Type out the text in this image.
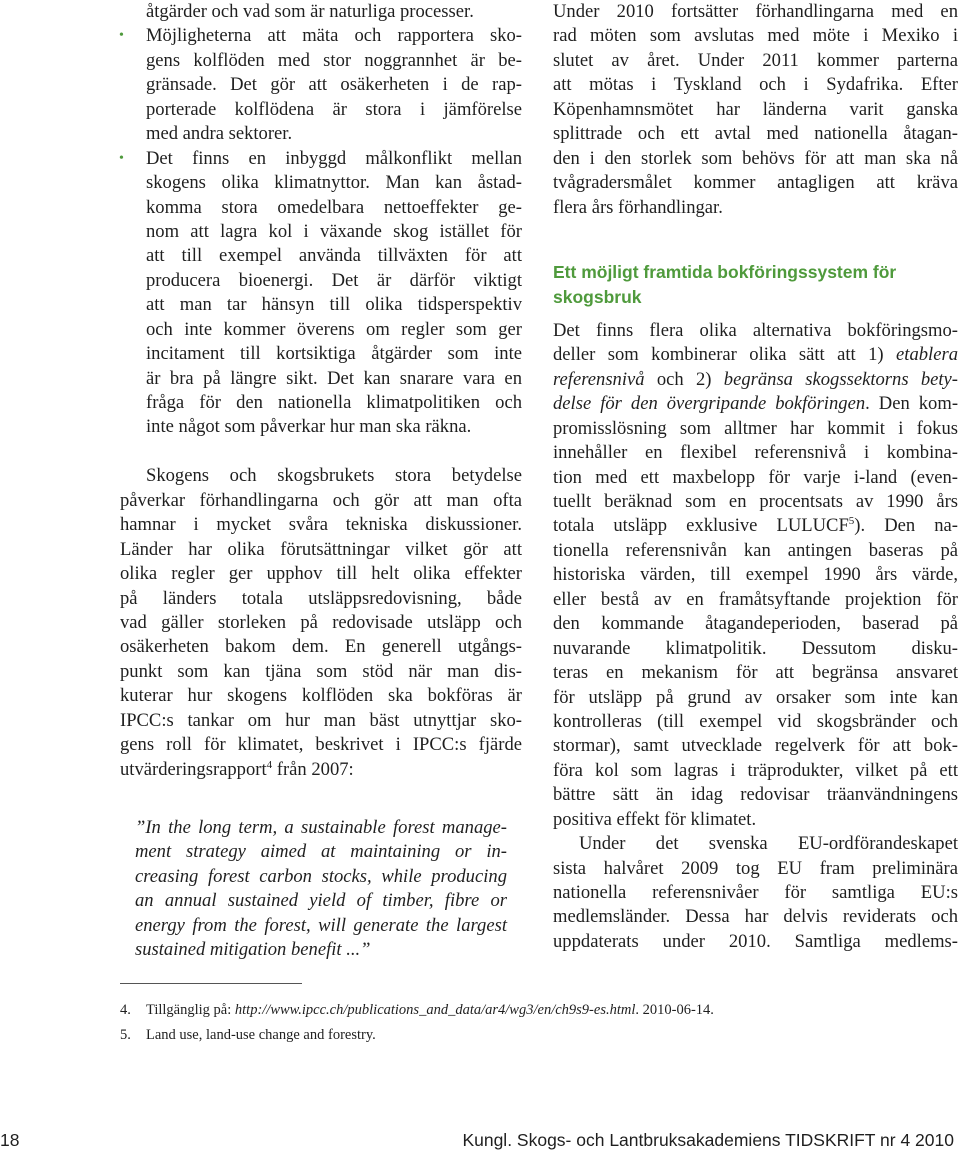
åtgärder och vad som är naturliga processer.
• Möjligheterna att mäta och rapportera sko-
gens kolflöden med stor noggrannhet är be-
gränsade. Det gör att osäkerheten i de rap-
porterade kolflödena är stora i jämförelse
med andra sektorer.
• Det finns en inbyggd målkonflikt mellan
skogens olika klimatnyttor. Man kan åstad-
komma stora omedelbara nettoeffekter ge-
nom att lagra kol i växande skog istället för
att till exempel använda tillväxten för att
producera bioenergi. Det är därför viktigt
att man tar hänsyn till olika tidsperspektiv
och inte kommer överens om regler som ger
incitament till kortsiktiga åtgärder som inte
är bra på längre sikt. Det kan snarare vara en
fråga för den nationella klimatpolitiken och
inte något som påverkar hur man ska räkna.
Skogens och skogsbrukets stora betydelse
påverkar förhandlingarna och gör att man ofta
hamnar i mycket svåra tekniska diskussioner.
Länder har olika förutsättningar vilket gör att
olika regler ger upphov till helt olika effekter
på länders totala utsläppsredovisning, både
vad gäller storleken på redovisade utsläpp och
osäkerheten bakom dem. En generell utgångs-
punkt som kan tjäna som stöd när man dis-
kuterar hur skogens kolflöden ska bokföras är
IPCC:s tankar om hur man bäst utnyttjar sko-
gens roll för klimatet, beskrivet i IPCC:s fjärde
utvärderingsrapport$^4$ från 2007:
”In the long term, a sustainable forest manage-
ment strategy aimed at maintaining or in-
creasing forest carbon stocks, while producing
an annual sustained yield of timber, fibre or
energy from the forest, will generate the largest
sustained mitigation benefit ...”
Under 2010 fortsätter förhandlingarna med en
rad möten som avslutas med möte i Mexiko i
slutet av året. Under 2011 kommer parterna
att mötas i Tyskland och i Sydafrika. Efter
Köpenhamnsmötet har länderna varit ganska
splittrade och ett avtal med nationella åtagan-
den i den storlek som behövs för att man ska nå
tvågradersmålet kommer antagligen att kräva
flera års förhandlingar.
Ett möjligt framtida bokföringssystem för
skogsbruk
Det finns flera olika alternativa bokföringsmo-
deller som kombinerar olika sätt att 1) etablera
referensnivå och 2) begränsa skogssektorns bety-
delse för den övergripande bokföringen. Den kom-
promisslösning som alltmer har kommit i fokus
innehåller en flexibel referensnivå i kombina-
tion med ett maxbelopp för varje i-land (even-
tuellt beräknad som en procentsats av 1990 års
totala utsläpp exklusive LULUCF$^5$). Den na-
tionella referensnivån kan antingen baseras på
historiska värden, till exempel 1990 års värde,
eller bestå av en framåtsyftande projektion för
den kommande åtagandeperioden, baserad på
nuvarande klimatpolitik. Dessutom disku-
teras en mekanism för att begränsa ansvaret
för utsläpp på grund av orsaker som inte kan
kontrolleras (till exempel vid skogsbränder och
stormar), samt utvecklade regelverk för att bok-
föra kol som lagras i träprodukter, vilket på ett
bättre sätt än idag redovisar träanvändningens
positiva effekt för klimatet.
Under det svenska EU-ordförandeskapet
sista halvåret 2009 tog EU fram preliminära
nationella referensnivåer för samtliga EU:s
medlemsländer. Dessa har delvis reviderats och
uppdaterats under 2010. Samtliga medlems-
4. Tillgänglig på: http://www.ipcc.ch/publications_and_data/ar4/wg3/en/ch9s9-es.html. 2010-06-14.
5. Land use, land-use change and forestry.
18	Kungl. Skogs- och Lantbruksakademiens TIDSKRIFT nr 4 2010
